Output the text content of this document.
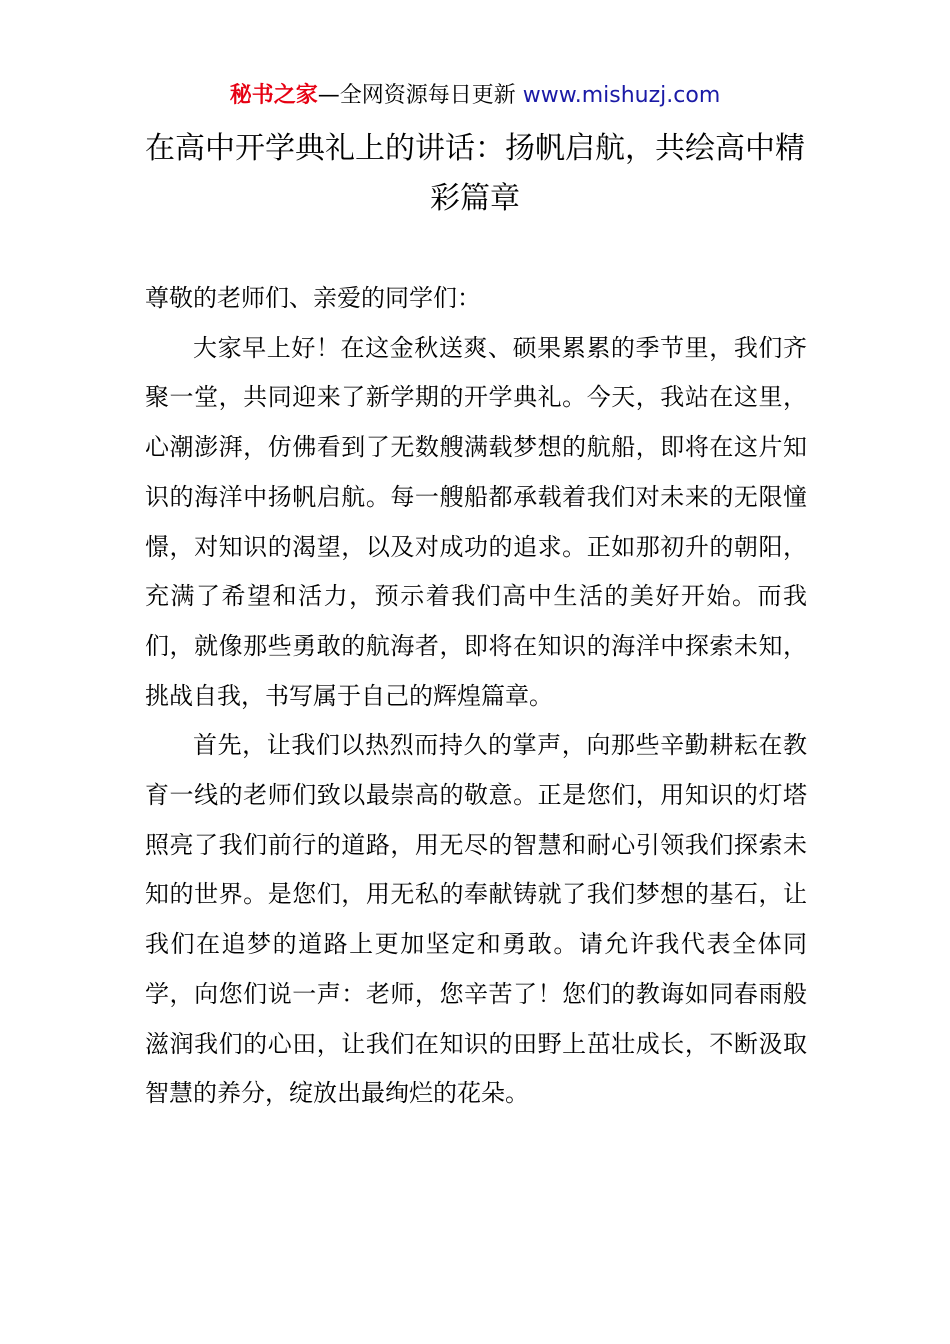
秘书之家—全网资源每日更新 www.mishuzj.com
在高中开学典礼上的讲话：扬帆启航，共绘高中精彩篇章

尊敬的老师们、亲爱的同学们：

大家早上好！在这金秋送爽、硕果累累的季节里，我们齐聚一堂，共同迎来了新学期的开学典礼。今天，我站在这里，心潮澎湃，仿佛看到了无数艘满载梦想的航船，即将在这片知识的海洋中扬帆启航。每一艘船都承载着我们对未来的无限憧憬，对知识的渴望，以及对成功的追求。正如那初升的朝阳，充满了希望和活力，预示着我们高中生活的美好开始。而我们，就像那些勇敢的航海者，即将在知识的海洋中探索未知，挑战自我，书写属于自己的辉煌篇章。

首先，让我们以热烈而持久的掌声，向那些辛勤耕耘在教育一线的老师们致以最崇高的敬意。正是您们，用知识的灯塔照亮了我们前行的道路，用无尽的智慧和耐心引领我们探索未知的世界。是您们，用无私的奉献铸就了我们梦想的基石，让我们在追梦的道路上更加坚定和勇敢。请允许我代表全体同学，向您们说一声：老师，您辛苦了！您们的教诲如同春雨般滋润我们的心田，让我们在知识的田野上茁壮成长，不断汲取智慧的养分，绽放出最绚烂的花朵。
